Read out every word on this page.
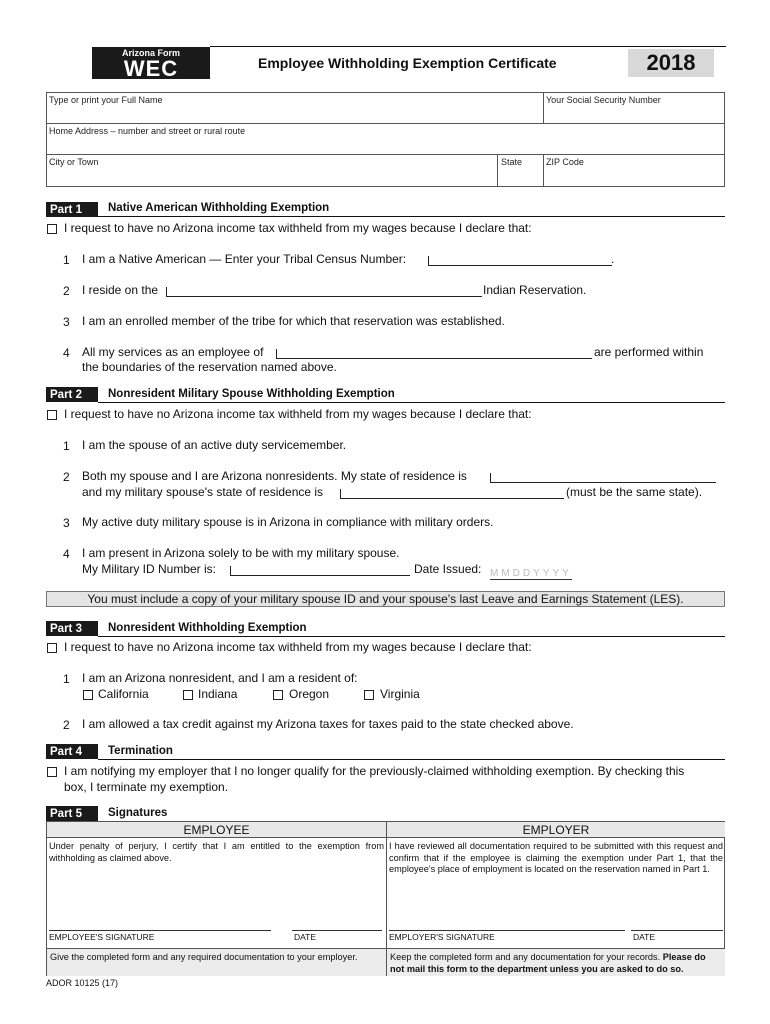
Arizona Form
WEC	Employee Withholding Exemption Certificate	2018
Type or print your Full Name	Your Social Security Number
Home Address – number and street or rural route
City or Town	State	ZIP Code
Part 1	Native American Withholding Exemption
I request to have no Arizona income tax withheld from my wages because I declare that:
1 I am a Native American — Enter your Tribal Census Number:	.
2 I reside on the	Indian Reservation.
3 I am an enrolled member of the tribe for which that reservation was established.
4 All my services as an employee of	are performed within
the boundaries of the reservation named above.
Part 2	Nonresident Military Spouse Withholding Exemption
I request to have no Arizona income tax withheld from my wages because I declare that:
1 I am the spouse of an active duty servicemember.
2 Both my spouse and I are Arizona nonresidents. My state of residence is
and my military spouse's state of residence is	(must be the same state).
3 My active duty military spouse is in Arizona in compliance with military orders.
4 I am present in Arizona solely to be with my military spouse.
My Military ID Number is:	Date Issued: MMDDYYYY
You must include a copy of your military spouse ID and your spouse's last Leave and Earnings Statement (LES).
Part 3	Nonresident Withholding Exemption
I request to have no Arizona income tax withheld from my wages because I declare that:
1 I am an Arizona nonresident, and I am a resident of:
California	Indiana	Oregon	Virginia
2 I am allowed a tax credit against my Arizona taxes for taxes paid to the state checked above.
Part 4	Termination
I am notifying my employer that I no longer qualify for the previously-claimed withholding exemption. By checking this
box, I terminate my exemption.
Part 5	Signatures
EMPLOYEE	EMPLOYER
Under penalty of perjury, I certify that I am entitled to the exemption from withholding as claimed above.
I have reviewed all documentation required to be submitted with this request and confirm that if the employee is claiming the exemption under Part 1, that the employee's place of employment is located on the reservation named in Part 1.
EMPLOYEE'S SIGNATURE	DATE	EMPLOYER'S SIGNATURE	DATE
Give the completed form and any required documentation to your employer.	Keep the completed form and any documentation for your records. Please do not mail this form to the department unless you are asked to do so.
ADOR 10125 (17)
